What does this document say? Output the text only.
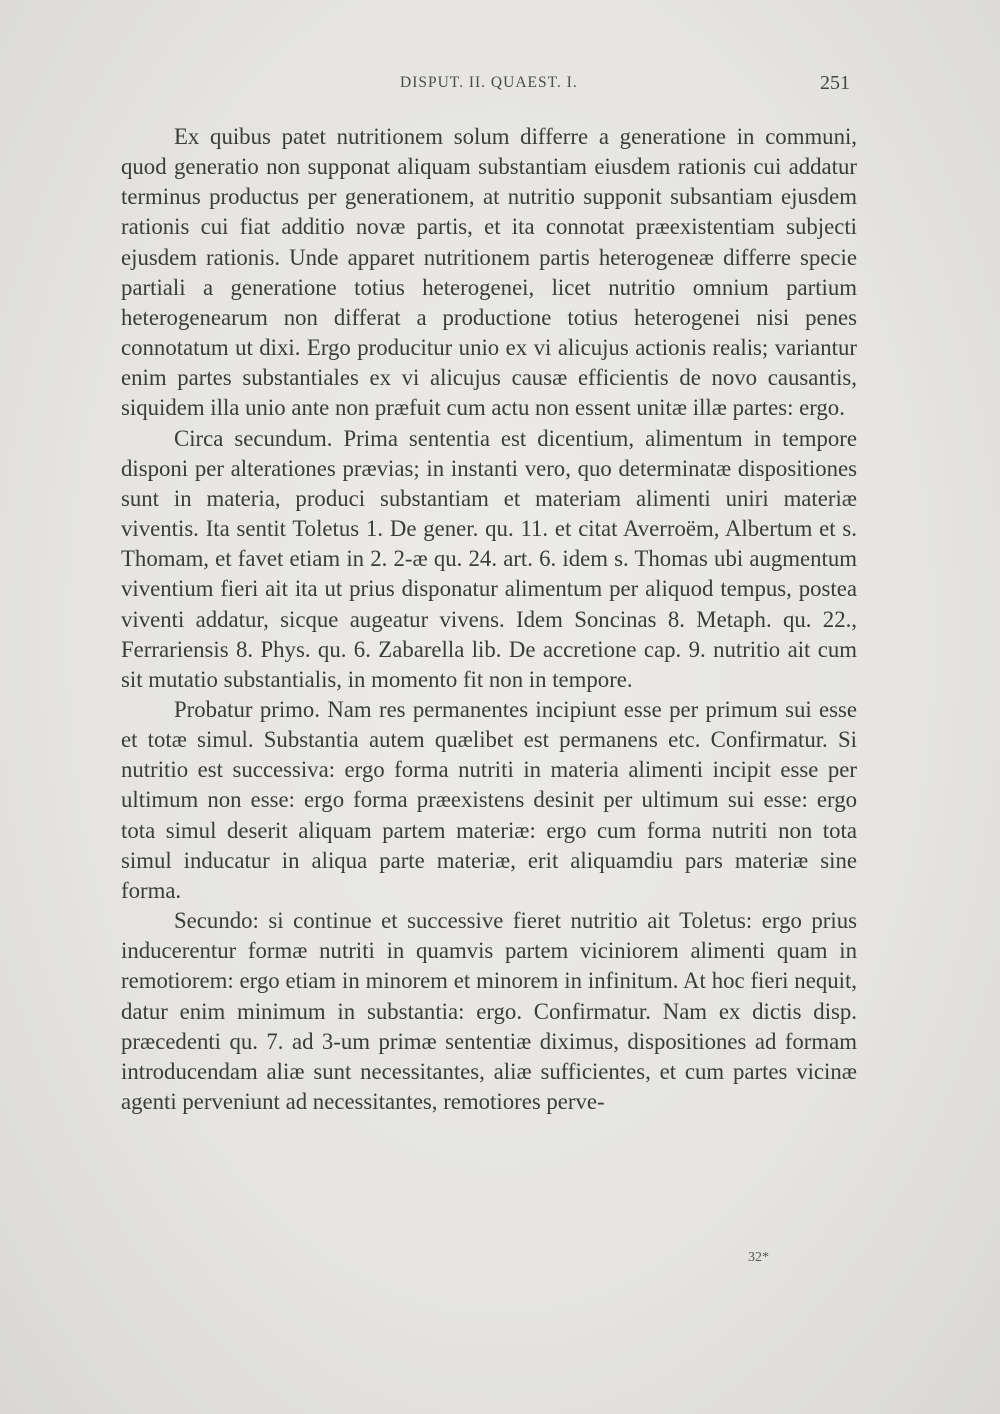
DISPUT. II. QUAEST. I.	251

Ex quibus patet nutritionem solum differre a generatione in communi, quod generatio non supponat aliquam substantiam eiusdem rationis cui addatur terminus productus per generationem, at nutritio supponit subsantiam ejusdem rationis cui fiat additio novæ partis, et ita connotat præexistentiam subjecti ejusdem rationis. Unde apparet nutritionem partis heterogeneæ differre specie partiali a generatione totius heterogenei, licet nutritio omnium partium heterogenearum non differat a productione totius heterogenei nisi penes connotatum ut dixi. Ergo producitur unio ex vi alicujus actionis realis; variantur enim partes substantiales ex vi alicujus causæ efficientis de novo causantis, siquidem illa unio ante non præfuit cum actu non essent unitæ illæ partes: ergo.

Circa secundum. Prima sententia est dicentium, alimentum in tempore disponi per alterationes prævias; in instanti vero, quo determinatæ dispositiones sunt in materia, produci substantiam et materiam alimenti uniri materiæ viventis. Ita sentit Toletus 1. De gener. qu. 11. et citat Averroëm, Albertum et s. Thomam, et favet etiam in 2. 2-æ qu. 24. art. 6. idem s. Thomas ubi augmentum viventium fieri ait ita ut prius disponatur alimentum per aliquod tempus, postea viventi addatur, sicque augeatur vivens. Idem Soncinas 8. Metaph. qu. 22., Ferrariensis 8. Phys. qu. 6. Zabarella lib. De accretione cap. 9. nutritio ait cum sit mutatio substantialis, in momento fit non in tempore.

Probatur primo. Nam res permanentes incipiunt esse per primum sui esse et totæ simul. Substantia autem quælibet est permanens etc. Confirmatur. Si nutritio est successiva: ergo forma nutriti in materia alimenti incipit esse per ultimum non esse: ergo forma præexistens desinit per ultimum sui esse: ergo tota simul deserit aliquam partem materiæ: ergo cum forma nutriti non tota simul inducatur in aliqua parte materiæ, erit aliquamdiu pars materiæ sine forma.

Secundo: si continue et successive fieret nutritio ait Toletus: ergo prius inducerentur formæ nutriti in quamvis partem viciniorem alimenti quam in remotiorem: ergo etiam in minorem et minorem in infinitum. At hoc fieri nequit, datur enim minimum in substantia: ergo. Confirmatur. Nam ex dictis disp. præcedenti qu. 7. ad 3-um primæ sententiæ diximus, dispositiones ad formam introducendam aliæ sunt necessitantes, aliæ sufficientes, et cum partes vicinæ agenti perveniunt ad necessitantes, remotiores perve-

32*
